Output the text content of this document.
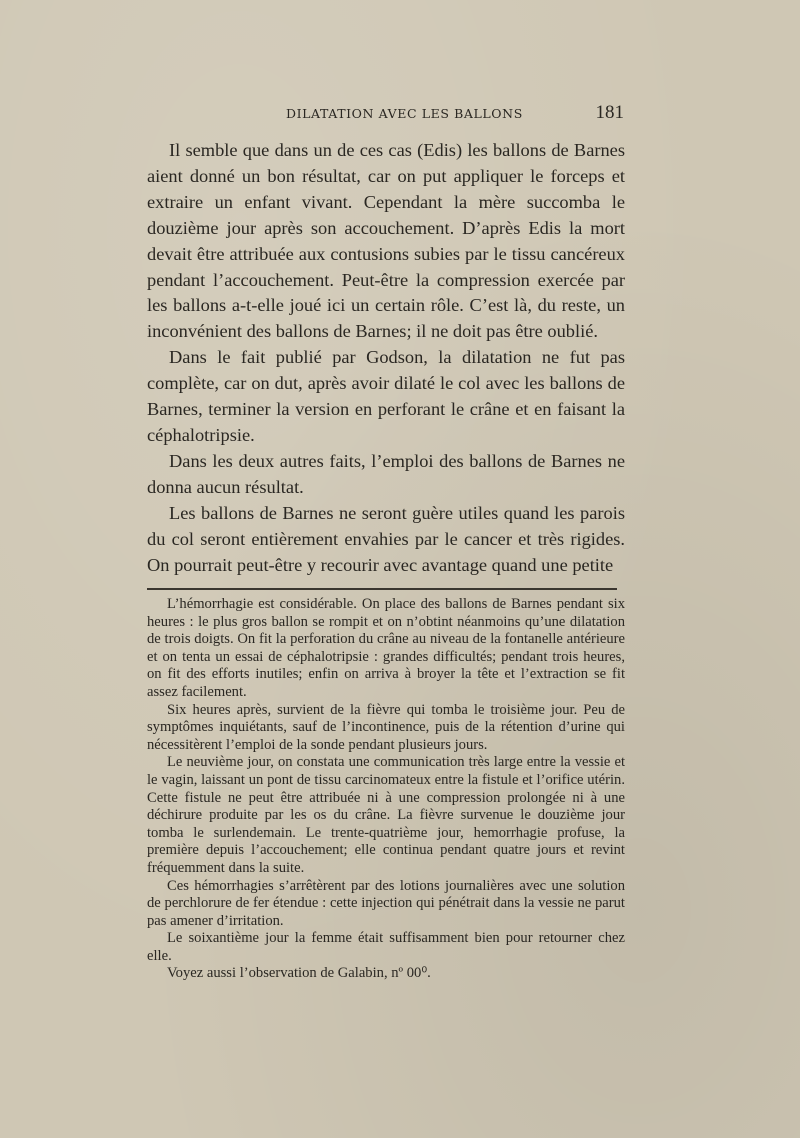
DILATATION AVEC LES BALLONS	181

Il semble que dans un de ces cas (Edis) les ballons de Barnes aient donné un bon résultat, car on put appliquer le forceps et extraire un enfant vivant. Cependant la mère succomba le douzième jour après son accouchement. D’après Edis la mort devait être attribuée aux contusions subies par le tissu cancéreux pendant l’accouchement. Peut-être la compression exercée par les ballons a-t-elle joué ici un certain rôle. C’est là, du reste, un inconvénient des ballons de Barnes; il ne doit pas être oublié.

Dans le fait publié par Godson, la dilatation ne fut pas complète, car on dut, après avoir dilaté le col avec les ballons de Barnes, terminer la version en perforant le crâne et en faisant la céphalotripsie.

Dans les deux autres faits, l’emploi des ballons de Barnes ne donna aucun résultat.

Les ballons de Barnes ne seront guère utiles quand les parois du col seront entièrement envahies par le cancer et très rigides. On pourrait peut-être y recourir avec avantage quand une petite

L’hémorrhagie est considérable. On place des ballons de Barnes pendant six heures : le plus gros ballon se rompit et on n’obtint néanmoins qu’une dilatation de trois doigts. On fit la perforation du crâne au niveau de la fontanelle antérieure et on tenta un essai de céphalotripsie : grandes difficultés; pendant trois heures, on fit des efforts inutiles; enfin on arriva à broyer la tête et l’extraction se fit assez facilement.

Six heures après, survient de la fièvre qui tomba le troisième jour. Peu de symptômes inquiétants, sauf de l’incontinence, puis de la rétention d’urine qui nécessitèrent l’emploi de la sonde pendant plusieurs jours.

Le neuvième jour, on constata une communication très large entre la vessie et le vagin, laissant un pont de tissu carcinomateux entre la fistule et l’orifice utérin. Cette fistule ne peut être attribuée ni à une compression prolongée ni à une déchirure produite par les os du crâne. La fièvre survenue le douzième jour tomba le surlendemain. Le trente-quatrième jour, hemorrhagie profuse, la première depuis l’accouchement; elle continua pendant quatre jours et revint fréquemment dans la suite.

Ces hémorrhagies s’arrêtèrent par des lotions journalières avec une solution de perchlorure de fer étendue : cette injection qui pénétrait dans la vessie ne parut pas amener d’irritation.

Le soixantième jour la femme était suffisamment bien pour retourner chez elle.

Voyez aussi l’observation de Galabin, nº 00⁰.
